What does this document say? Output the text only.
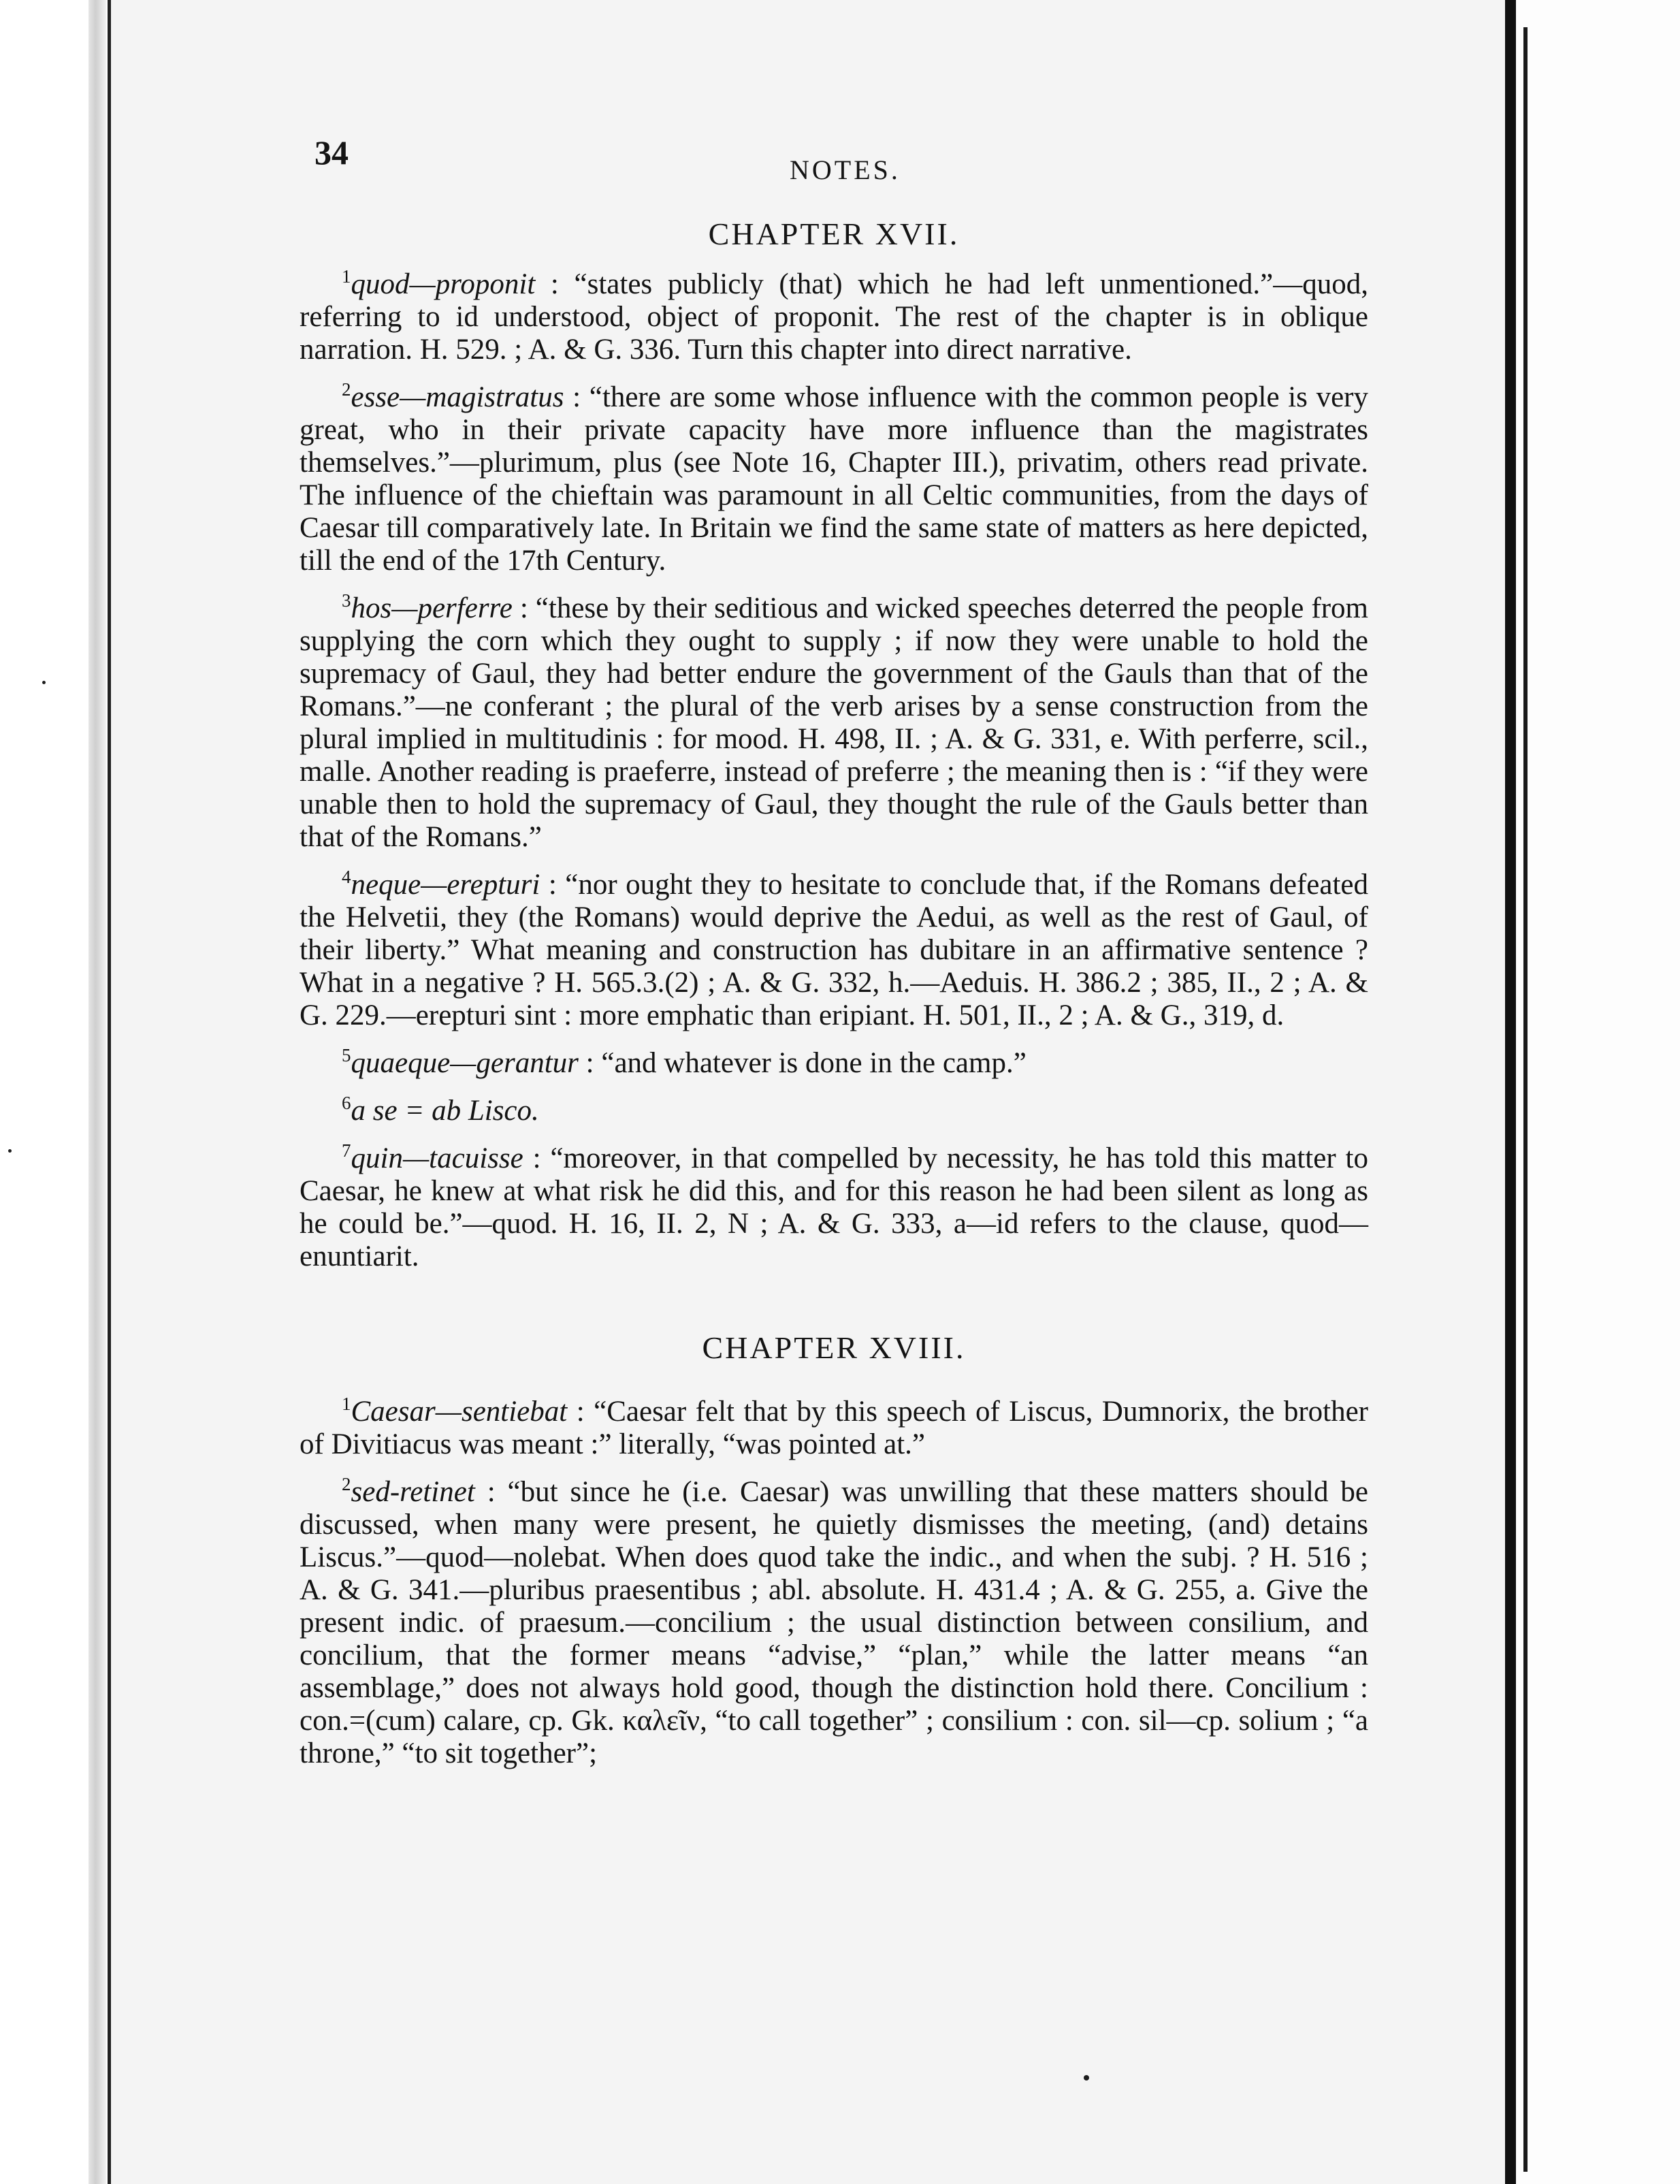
34	NOTES.
CHAPTER XVII.

$^1$quod—proponit : “states publicly (that) which he had left unmentioned.”—quod, referring to id understood, object of proponit. The rest of the chapter is in oblique narration. H. 529. ; A. & G. 336. Turn this chapter into direct narrative.

$^2$esse—magistratus : “there are some whose influence with the common people is very great, who in their private capacity have more influence than the magistrates themselves.”—plurimum, plus (see Note 16, Chapter III.), privatim, others read private. The influence of the chieftain was paramount in all Celtic communities, from the days of Caesar till comparatively late. In Britain we find the same state of matters as here depicted, till the end of the 17th Century.

$^3$hos—perferre : “these by their seditious and wicked speeches deterred the people from supplying the corn which they ought to supply ; if now they were unable to hold the supremacy of Gaul, they had better endure the government of the Gauls than that of the Romans.”—ne conferant ; the plural of the verb arises by a sense construction from the plural implied in multitudinis : for mood. H. 498, II. ; A. & G. 331, e. With perferre, scil., malle. Another reading is praeferre, instead of preferre ; the meaning then is : “if they were unable then to hold the supremacy of Gaul, they thought the rule of the Gauls better than that of the Romans.”

$^4$neque—erepturi : “nor ought they to hesitate to conclude that, if the Romans defeated the Helvetii, they (the Romans) would deprive the Aedui, as well as the rest of Gaul, of their liberty.” What meaning and construction has dubitare in an affirmative sentence ? What in a negative ? H. 565.3.(2) ; A. & G. 332, h.—Aeduis. H. 386.2 ; 385, II., 2 ; A. & G. 229.—erepturi sint : more emphatic than eripiant. H. 501, II., 2 ; A. & G., 319, d.

$^5$quaeque—gerantur : “and whatever is done in the camp.”

$^6$a se = ab Lisco.

$^7$quin—tacuisse : “moreover, in that compelled by necessity, he has told this matter to Caesar, he knew at what risk he did this, and for this reason he had been silent as long as he could be.”—quod. H. 16, II. 2, N ; A. & G. 333, a—id refers to the clause, quod—enuntiarit.

CHAPTER XVIII.

$^1$Caesar—sentiebat : “Caesar felt that by this speech of Liscus, Dumnorix, the brother of Divitiacus was meant :” literally, “was pointed at.”

$^2$sed-retinet : “but since he (i.e. Caesar) was unwilling that these matters should be discussed, when many were present, he quietly dismisses the meeting, (and) detains Liscus.”—quod—nolebat. When does quod take the indic., and when the subj. ? H. 516 ; A. & G. 341.—pluribus praesentibus ; abl. absolute. H. 431.4 ; A. & G. 255, a. Give the present indic. of praesum.—concilium ; the usual distinction between consilium, and concilium, that the former means “advise,” “plan,” while the latter means “an assemblage,” does not always hold good, though the distinction hold there. Concilium : con.=(cum) calare, cp. Gk. καλεῖν, “to call together” ; consilium : con. sil—cp. solium ; “a throne,” “to sit together”;
